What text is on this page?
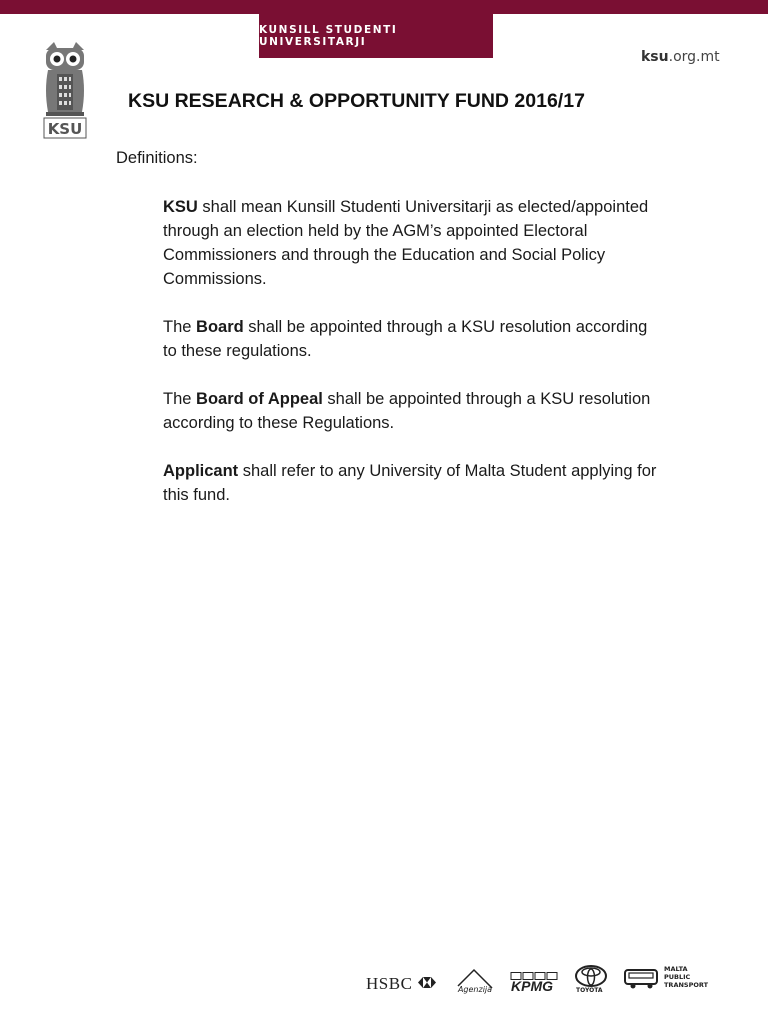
KUNSILL STUDENTI UNIVERSITARJI
ksu.org.mt
KSU
KSU RESEARCH & OPPORTUNITY FUND 2016/17

Definitions:

KSU shall mean Kunsill Studenti Universitarji as elected/appointed through an election held by the AGM’s appointed Electoral Commissioners and through the Education and Social Policy Commissions.

The Board shall be appointed through a KSU resolution according to these regulations.

The Board of Appeal shall be appointed through a KSU resolution according to these Regulations.

Applicant shall refer to any University of Malta Student applying for this fund.

HSBC	Agenzija KPMG	TOYOTA
MALTA
PUBLIC
TRANSPORT
